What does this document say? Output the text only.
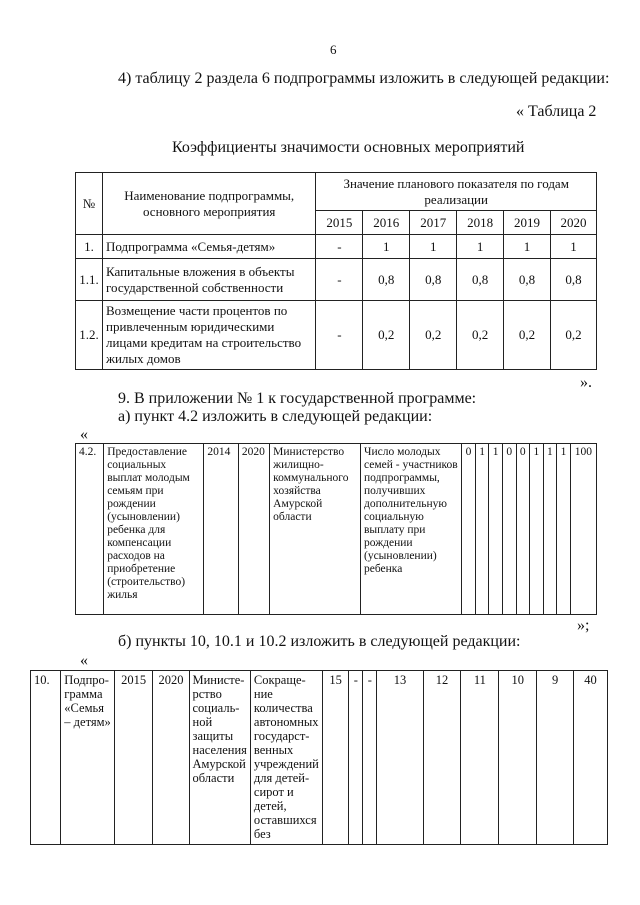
6
4) таблицу 2 раздела 6 подпрограммы изложить в следующей редакции:
« Таблица 2
Коэффициенты значимости основных мероприятий
№	Наименование подпрограммы, основного мероприятия	Значение планового показателя по годам реализации					
		2015	2016	2017	2018	2019	2020
1.	Подпрограмма «Семья-детям»	-	1	1	1	1	1
1.1.	Капитальные вложения в объекты государственной собственности	-	0,8	0,8	0,8	0,8	0,8
1.2.	Возмещение части процентов по привлеченным юридическими лицами кредитам на строительство жилых домов	-	0,2	0,2	0,2	0,2	0,2
».
9. В приложении № 1 к государственной программе:
а) пункт 4.2 изложить в следующей редакции:
«
4.2.	Предоставление социальных выплат молодым семьям при рождении (усыновлении) ребенка для компенсации расходов на приобретение (строительство) жилья	2014	2020	Министерство жилищно-коммунального хозяйства Амурской области	Число молодых семей - участников подпрограммы, получивших дополнительную социальную выплату при рождении (усыновлении) ребенка	0	1	1	0	0	1	1	1	100
»;
б) пункты 10, 10.1 и 10.2 изложить в следующей редакции:
«
10.	Подпро-грамма «Семья – детям»	2015	2020	Министе-рство социаль-ной защиты населения Амурской области	Сокраще-ние количества автономных государст-венных учреждений для детей-сирот и детей, оставшихся без	15	-	-	13	12	11	10	9	40
